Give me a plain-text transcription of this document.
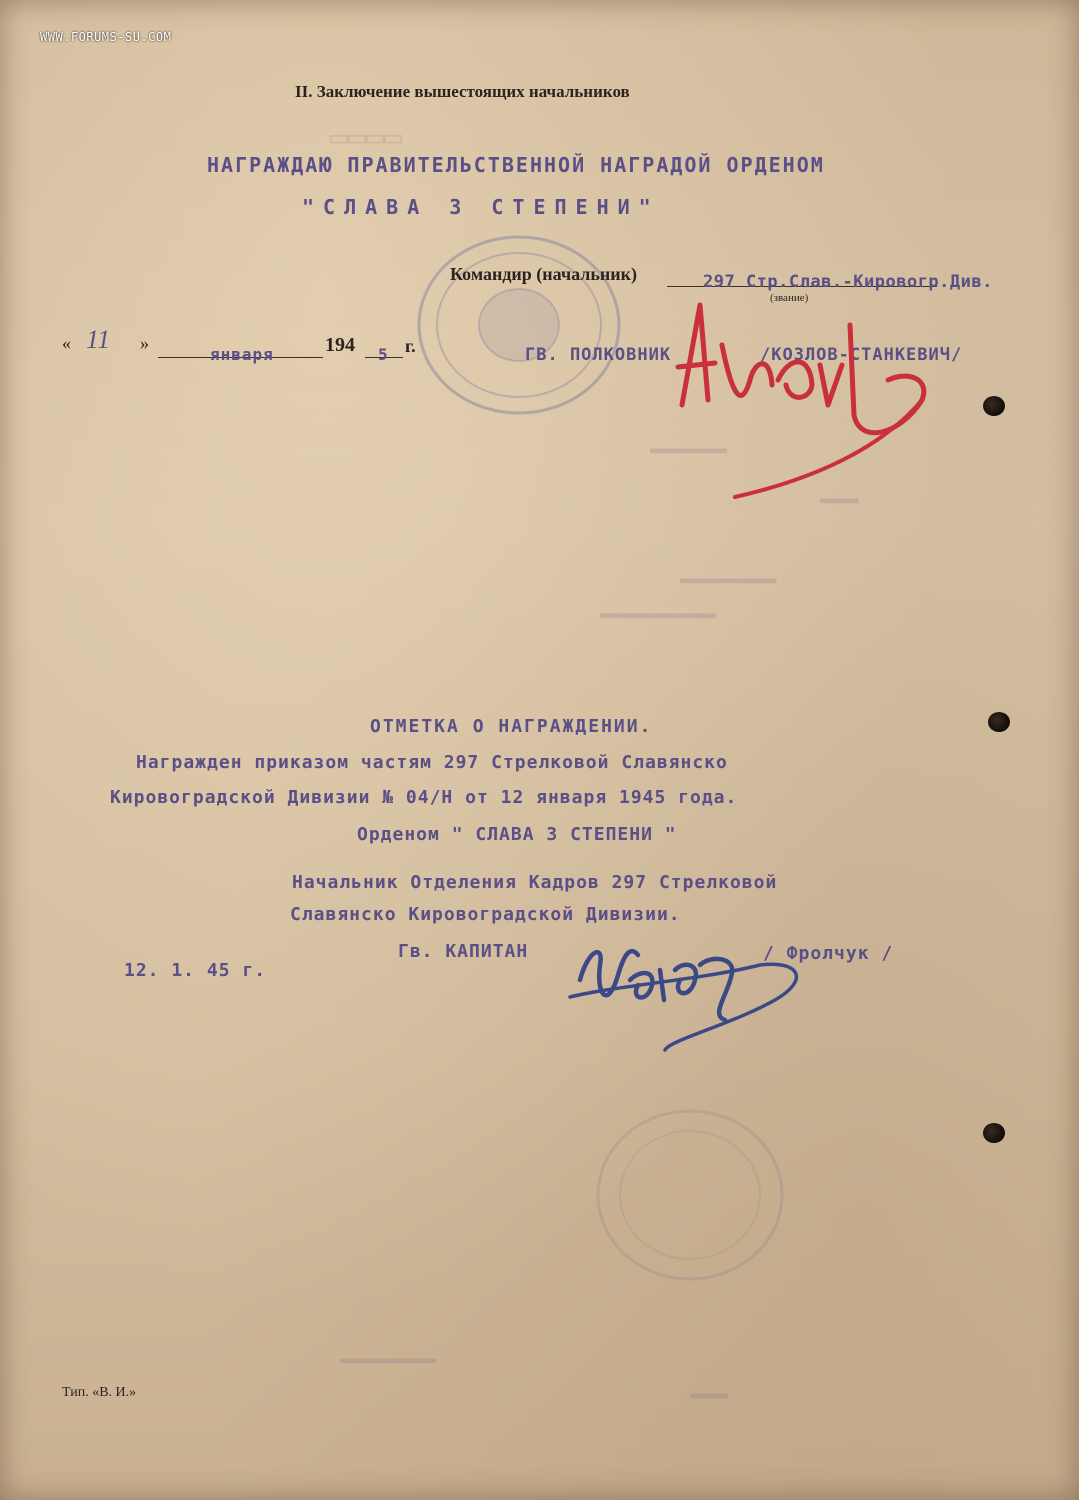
WWW.FORUMS-SU.COM
▭▭▭▭
▬▬▬▬▬▬▬▬
▬▬▬▬
▬▬▬▬▬▬▬▬▬▬
▬▬▬▬▬▬▬▬▬▬▬▬
▬▬▬▬▬▬▬▬▬▬
▬▬▬▬
II. Заключение вышестоящих начальников
НАГРАЖДАЮ ПРАВИТЕЛЬСТВЕННОЙ НАГРАДОЙ ОРДЕНОМ
"СЛАВА 3 СТЕПЕНИ"
Командир (начальник)	297 Стр.Слав.-Кировогр.Див.
(звание)
« 11 »
января	194 5 г.	ГВ. ПОЛКОВНИК	/КОЗЛОВ-СТАНКЕВИЧ/
ОТМЕТКА О НАГРАЖДЕНИИ.
Награжден приказом частям 297 Стрелковой Славянско
Кировоградской Дивизии № 04/Н от 12 января 1945 года.
Орденом " СЛАВА 3 СТЕПЕНИ "
Начальник Отделения Кадров 297 Стрелковой
Славянско Кировоградской Дивизии.
Гв. КАПИТАН	/ Фролчук /
12. 1. 45 г.
Тип. «В. И.»
